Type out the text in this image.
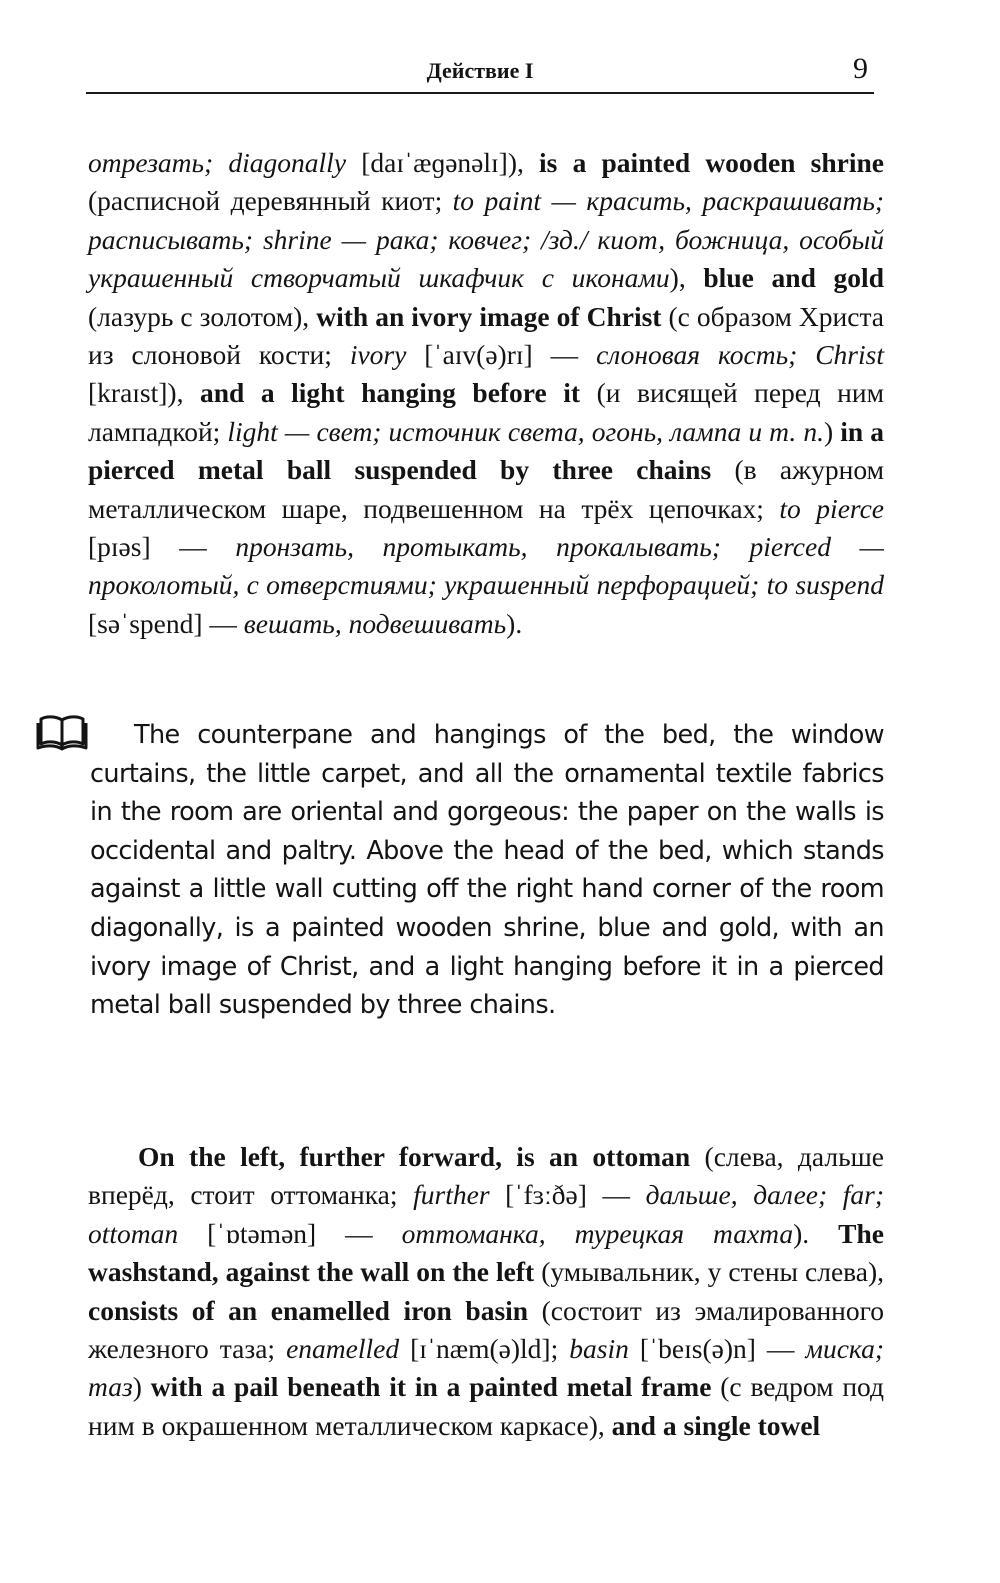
Действие I	9
отрезать; diagonally [daɪˈæɡənəlɪ]), is a painted wooden shrine (расписной деревянный киот; to paint — красить, раскрашивать; расписывать; shrine — рака; ковчег; /зд./ киот, божница, особый украшенный створчатый шкафчик с иконами), blue and gold (лазурь с золотом), with an ivory image of Christ (с образом Христа из слоновой кости; ivory [ˈaɪv(ə)rɪ] — слоновая кость; Christ [kraɪst]), and a light hanging before it (и висящей перед ним лампадкой; light — свет; источник света, огонь, лампа и т. п.) in a pierced metal ball suspended by three chains (в ажурном металлическом шаре, подвешенном на трёх цепочках; to pierce [pɪəs] — пронзать, протыкать, прокалывать; pierced — проколотый, с отверстиями; украшенный перфорацией; to suspend [səˈspend] — вешать, подвешивать).
The counterpane and hangings of the bed, the window curtains, the little carpet, and all the ornamental textile fabrics in the room are oriental and gorgeous: the paper on the walls is occidental and paltry. Above the head of the bed, which stands against a little wall cutting off the right hand corner of the room diagonally, is a painted wooden shrine, blue and gold, with an ivory image of Christ, and a light hanging before it in a pierced metal ball suspended by three chains.
On the left, further forward, is an ottoman (слева, дальше вперёд, стоит оттоманка; further [ˈfɜːðə] — дальше, далее; far; ottoman [ˈɒtəmən] — оттоманка, турецкая тахта). The washstand, against the wall on the left (умывальник, у стены слева), consists of an enamelled iron basin (состоит из эмалированного железного таза; enamelled [ɪˈnæm(ə)ld]; basin [ˈbeɪs(ə)n] — миска; таз) with a pail beneath it in a painted metal frame (с ведром под ним в окрашенном металлическом каркасе), and a single towel
